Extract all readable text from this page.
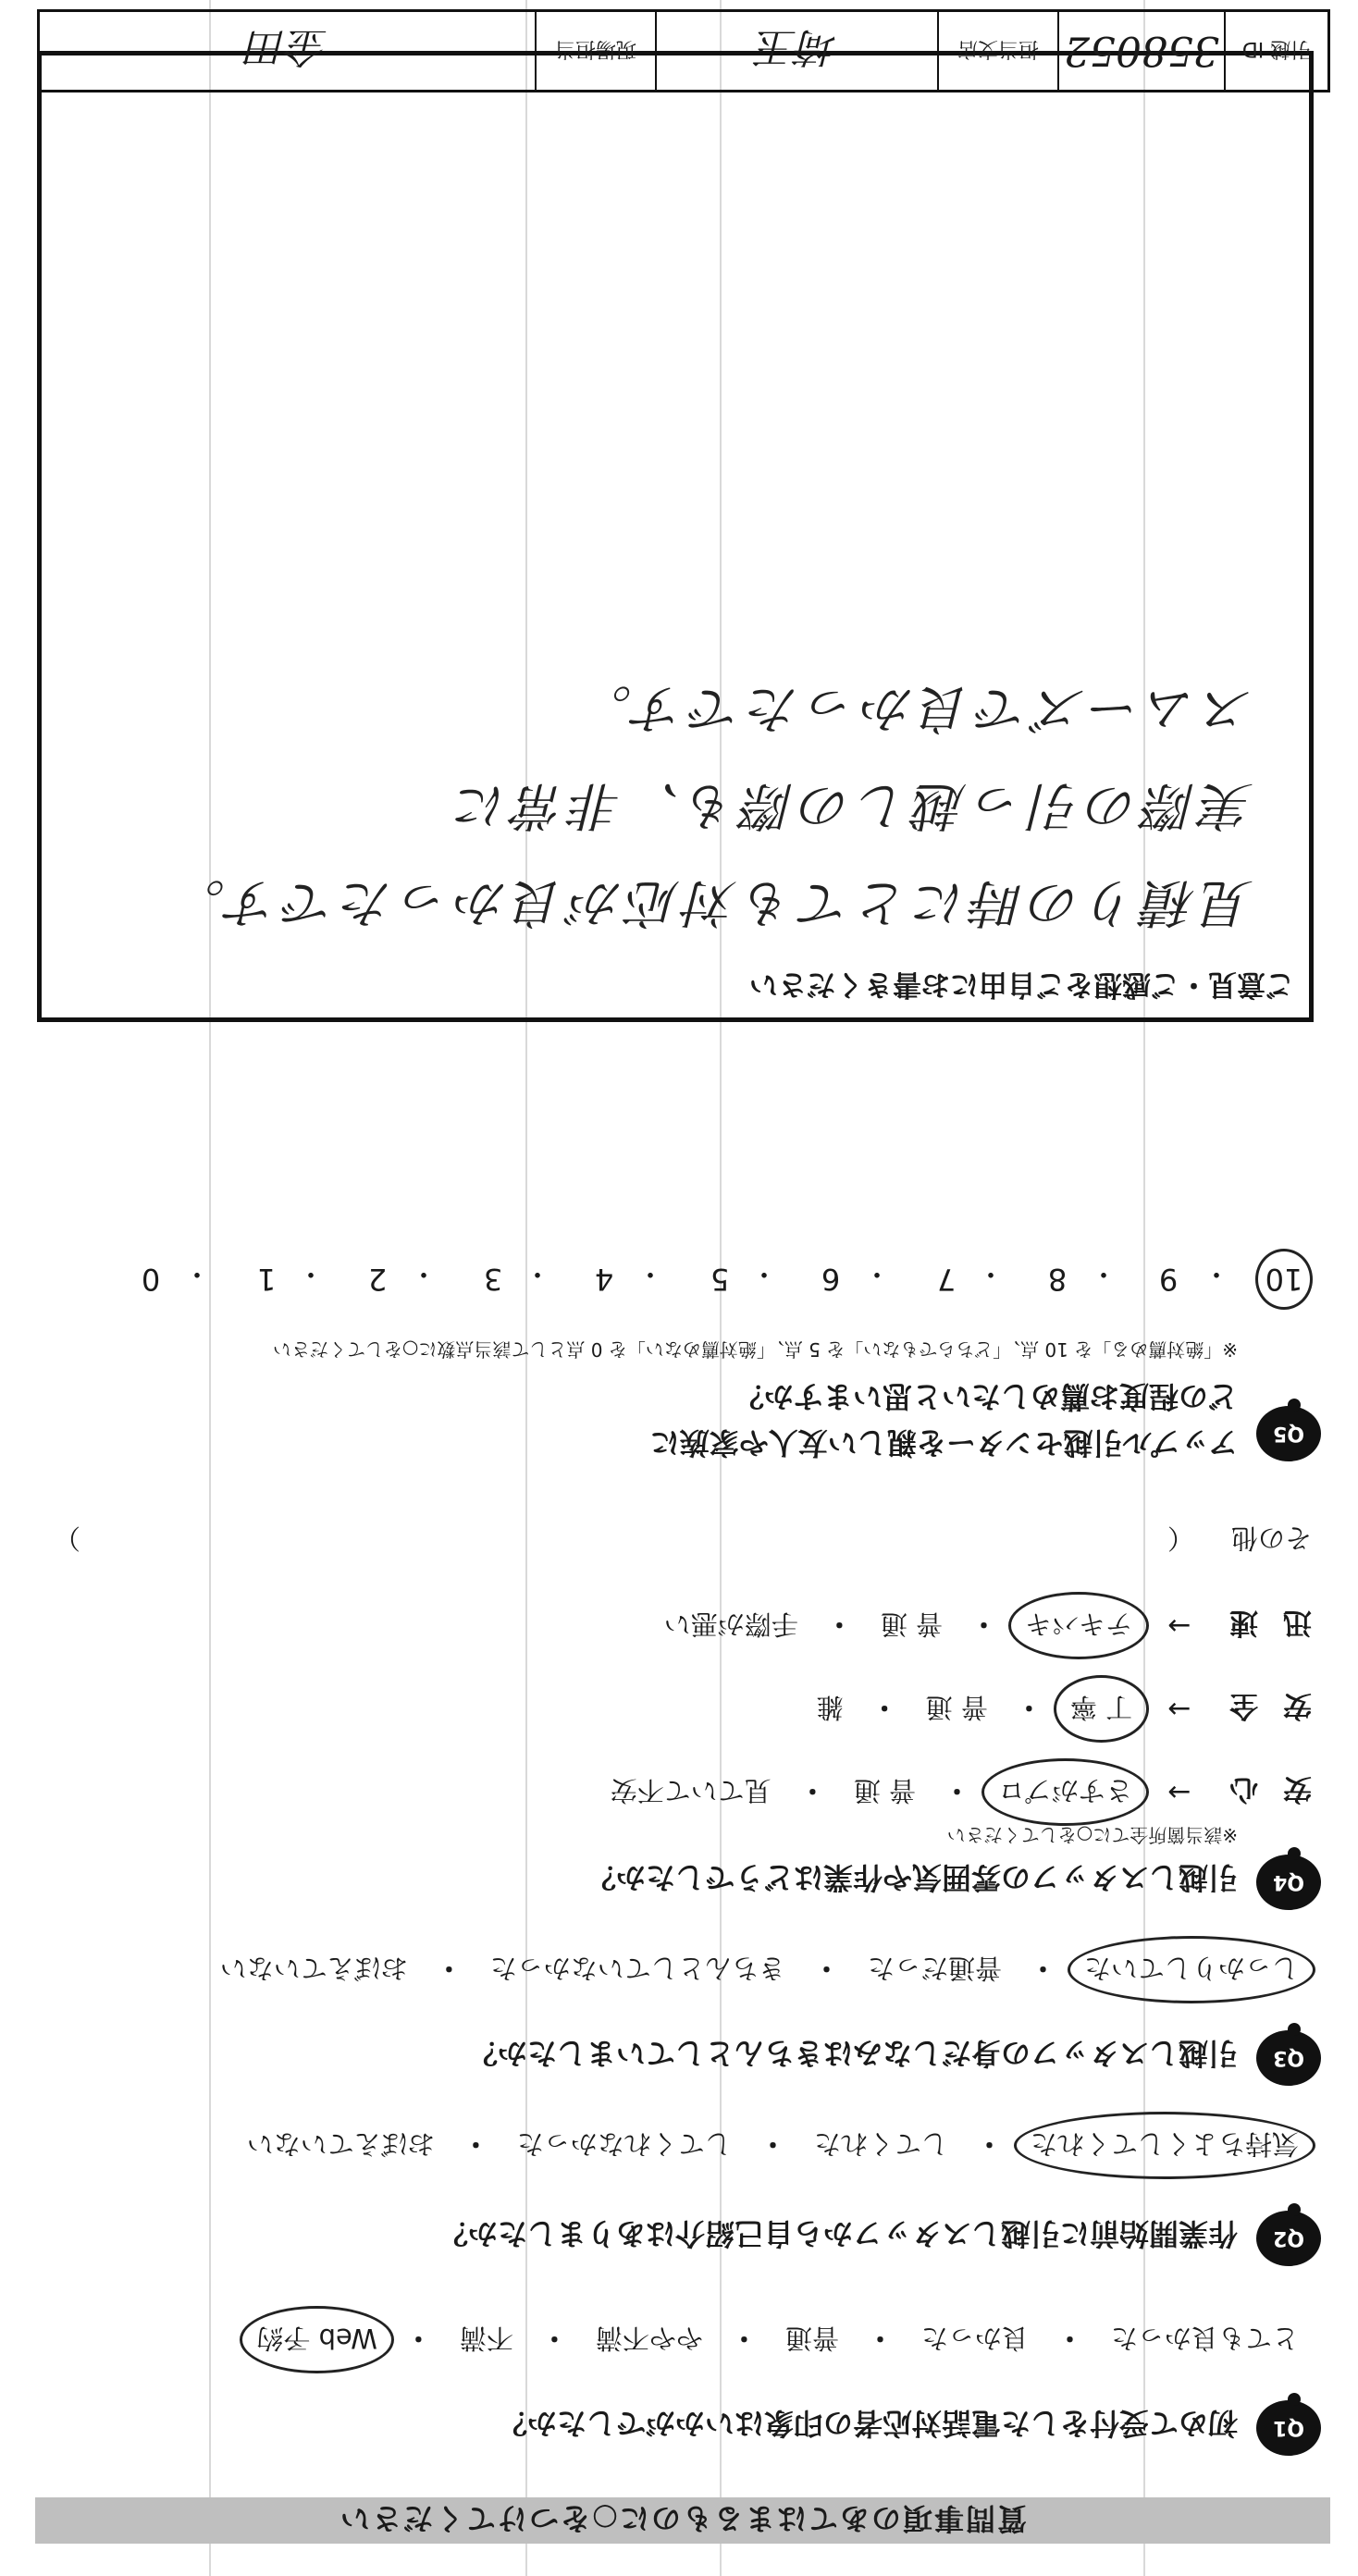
質問事項のあてはまるものに○をつけてください
Q1
初めて受付をした電話対応者の印象はいかがでしたか？
とても良かった
・
良かった
・
普通
・
やや不満
・
不満
・
Web 予約
Q2
作業開始前に引越しスタッフから自己紹介はありましたか？
気持ちよくしてくれた
・
してくれた
・
してくれなかった
・
おぼえていない
Q3
引越しスタッフの身だしなみはきちんとしていましたか？
しっかりしていた
・
普通だった
・
きちんとしていなかった
・
おぼえていない
Q4
引越しスタッフの雰囲気や作業はどうでしたか？
※該当箇所全てに○をしてください
安 心
→
さすがプロ
・
普 通
・
見ていて不安
安 全
→
丁 寧
・
普 通
・
雑
迅 速
→
テキパキ
・
普 通
・
手際が悪い
その他
（
）
Q5
アップル引越センターを親しい友人や家族に
どの程度お薦めしたいと思いますか？
※「絶対薦める」を 10 点、「どちらでもない」を 5 点、「絶対薦めない」を 0 点として該当点数に○をしてください
10
9
8
7
6
5
4
3
2
1
0	・
・
・
・
・
・
・
・
・
・
ご意見・ご感想をご自由にお書きください
見積りの時にとても対応が良かったです。
実際の引っ越しの際も、非常に
スムーズで良かったです。
引越 ID
358052
担当支店
埼玉
現場担当
金田
